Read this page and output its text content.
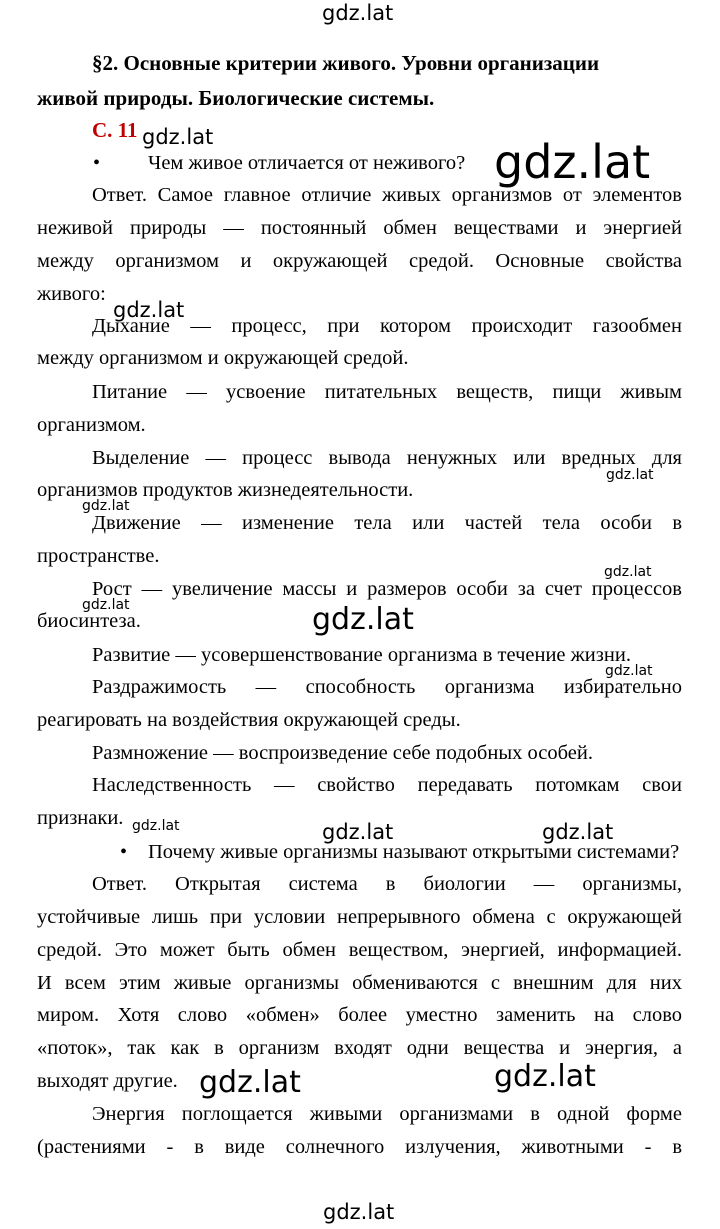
§2. Основные критерии живого. Уровни организации
живой природы. Биологические системы.
С. 11
• Чем живое отличается от неживого?
Ответ. Самое главное отличие живых организмов от элементов
неживой природы — постоянный обмен веществами и энергией
между организмом и окружающей средой. Основные свойства
живого:
Дыхание — процесс, при котором происходит газообмен
между организмом и окружающей средой.
Питание — усвоение питательных веществ, пищи живым
организмом.
Выделение — процесс вывода ненужных или вредных для
организмов продуктов жизнедеятельности.
Движение — изменение тела или частей тела особи в
пространстве.
Рост — увеличение массы и размеров особи за счет процессов
биосинтеза.
Развитие — усовершенствование организма в течение жизни.
Раздражимость — способность организма избирательно
реагировать на воздействия окружающей среды.
Размножение — воспроизведение себе подобных особей.
Наследственность — свойство передавать потомкам свои
признаки.
• Почему живые организмы называют открытыми системами?
Ответ. Открытая система в биологии — организмы,
устойчивые лишь при условии непрерывного обмена с окружающей
средой. Это может быть обмен веществом, энергией, информацией.
И всем этим живые организмы обмениваются с внешним для них
миром. Хотя слово «обмен» более уместно заменить на слово
«поток», так как в организм входят одни вещества и энергия, а
выходят другие.
Энергия поглощается живыми организмами в одной форме
(растениями - в виде солнечного излучения, животными - в
gdz.lat
gdz.lat	gdz.lat
gdz.lat
gdz.lat
gdz.lat
gdz.lat
gdz.lat	gdz.lat
gdz.lat
gdz.lat	gdz.lat	gdz.lat
gdz.lat	gdz.lat
gdz.lat
